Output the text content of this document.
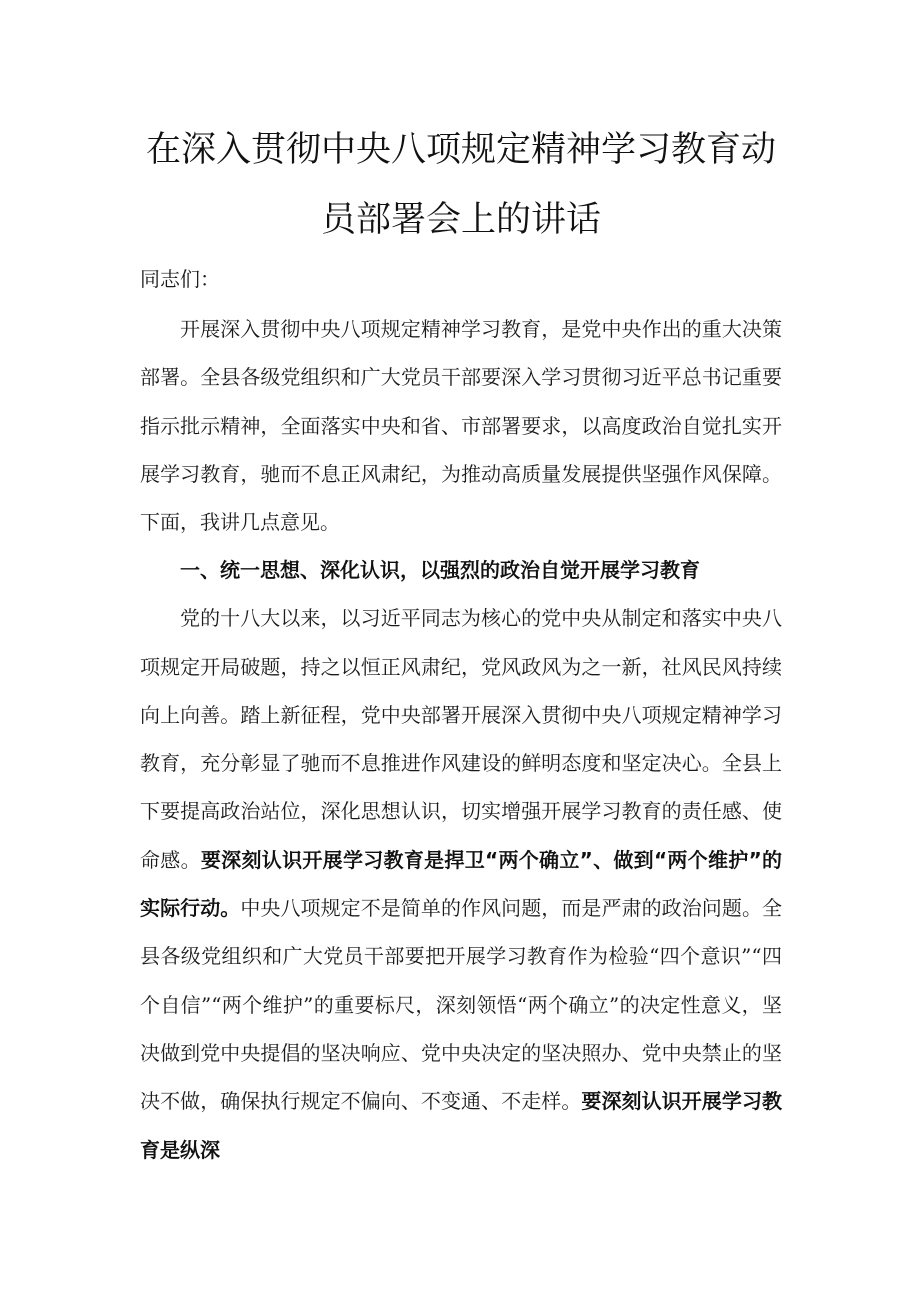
在深入贯彻中央八项规定精神学习教育动
员部署会上的讲话
同志们：

开展深入贯彻中央八项规定精神学习教育，是党中央作出的重大决策部署。全县各级党组织和广大党员干部要深入学习贯彻习近平总书记重要指示批示精神，全面落实中央和省、市部署要求，以高度政治自觉扎实开展学习教育，驰而不息正风肃纪，为推动高质量发展提供坚强作风保障。下面，我讲几点意见。

一、统一思想、深化认识，以强烈的政治自觉开展学习教育

党的十八大以来，以习近平同志为核心的党中央从制定和落实中央八项规定开局破题，持之以恒正风肃纪，党风政风为之一新，社风民风持续向上向善。踏上新征程，党中央部署开展深入贯彻中央八项规定精神学习教育，充分彰显了驰而不息推进作风建设的鲜明态度和坚定决心。全县上下要提高政治站位，深化思想认识，切实增强开展学习教育的责任感、使命感。要深刻认识开展学习教育是捍卫“两个确立”、做到“两个维护”的实际行动。中央八项规定不是简单的作风问题，而是严肃的政治问题。全县各级党组织和广大党员干部要把开展学习教育作为检验“四个意识”“四个自信”“两个维护”的重要标尺，深刻领悟“两个确立”的决定性意义，坚决做到党中央提倡的坚决响应、党中央决定的坚决照办、党中央禁止的坚决不做，确保执行规定不偏向、不变通、不走样。要深刻认识开展学习教育是纵深
